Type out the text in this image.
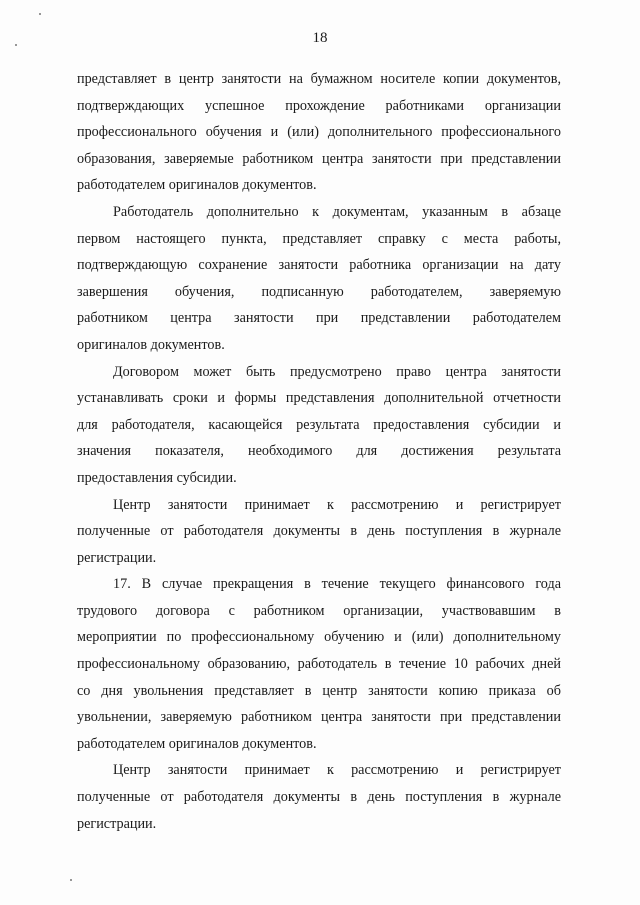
18
представляет в центр занятости на бумажном носителе копии документов,
подтверждающих успешное прохождение работниками организации
профессионального обучения и (или) дополнительного профессионального
образования, заверяемые работником центра занятости при представлении
работодателем оригиналов документов.
Работодатель дополнительно к документам, указанным в абзаце
первом настоящего пункта, представляет справку с места работы,
подтверждающую сохранение занятости работника организации на дату
завершения обучения, подписанную работодателем, заверяемую
работником центра занятости при представлении работодателем
оригиналов документов.
Договором может быть предусмотрено право центра занятости
устанавливать сроки и формы представления дополнительной отчетности
для работодателя, касающейся результата предоставления субсидии и
значения показателя, необходимого для достижения результата
предоставления субсидии.
Центр занятости принимает к рассмотрению и регистрирует
полученные от работодателя документы в день поступления в журнале
регистрации.
17. В случае прекращения в течение текущего финансового года
трудового договора с работником организации, участвовавшим в
мероприятии по профессиональному обучению и (или) дополнительному
профессиональному образованию, работодатель в течение 10 рабочих дней
со дня увольнения представляет в центр занятости копию приказа об
увольнении, заверяемую работником центра занятости при представлении
работодателем оригиналов документов.
Центр занятости принимает к рассмотрению и регистрирует
полученные от работодателя документы в день поступления в журнале
регистрации.
